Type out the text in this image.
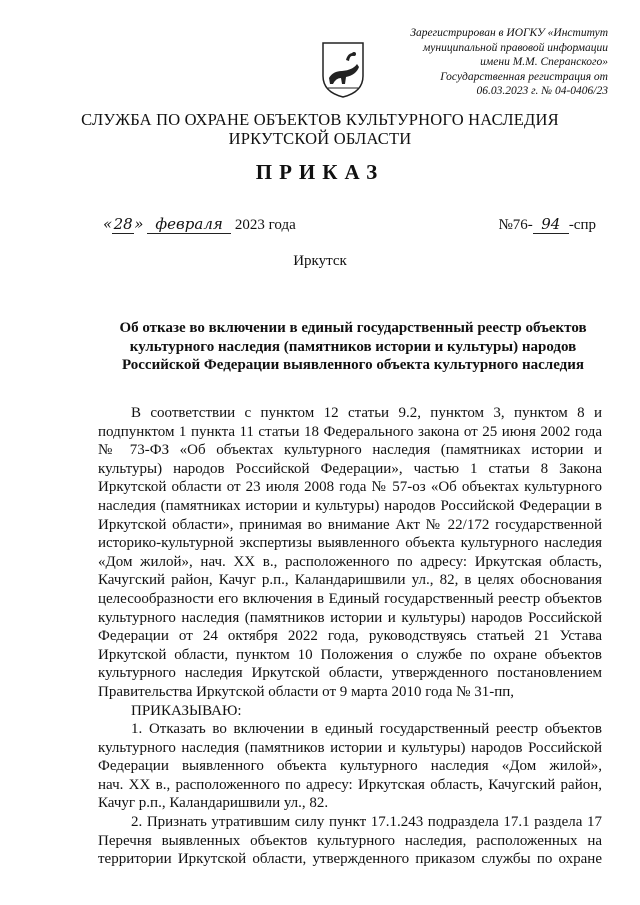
Зарегистрирован в ИОГКУ «Институт
муниципальной правовой информации
имени М.М. Сперанского»
Государственная регистрация от
06.03.2023 г. № 04-0406/23
СЛУЖБА ПО ОХРАНЕ ОБЪЕКТОВ КУЛЬТУРНОГО НАСЛЕДИЯ
ИРКУТСКОЙ ОБЛАСТИ
ПРИКАЗ
«28» февраля 2023 года	№76- 94 -спр
Иркутск
Об отказе во включении в единый государственный реестр объектов
культурного наследия (памятников истории и культуры) народов
Российской Федерации выявленного объекта культурного наследия
В соответствии с пунктом 12 статьи 9.2, пунктом 3, пунктом 8 и
подпунктом 1 пункта 11 статьи 18 Федерального закона от 25 июня 2002 года
№ 73-ФЗ «Об объектах культурного наследия (памятниках истории и
культуры) народов Российской Федерации», частью 1 статьи 8 Закона
Иркутской области от 23 июля 2008 года № 57-оз «Об объектах культурного
наследия (памятниках истории и культуры) народов Российской Федерации в
Иркутской области», принимая во внимание Акт № 22/172 государственной
историко-культурной экспертизы выявленного объекта культурного наследия
«Дом жилой», нач. XX в., расположенного по адресу: Иркутская область,
Качугский район, Качуг р.п., Каландаришвили ул., 82, в целях обоснования
целесообразности его включения в Единый государственный реестр объектов
культурного наследия (памятников истории и культуры) народов Российской
Федерации от 24 октября 2022 года, руководствуясь статьей 21 Устава
Иркутской области, пунктом 10 Положения о службе по охране объектов
культурного наследия Иркутской области, утвержденного постановлением
Правительства Иркутской области от 9 марта 2010 года № 31-пп,
ПРИКАЗЫВАЮ:
1. Отказать во включении в единый государственный реестр объектов
культурного наследия (памятников истории и культуры) народов Российской
Федерации выявленного объекта культурного наследия «Дом жилой»,
нач. XX в., расположенного по адресу: Иркутская область, Качугский район,
Качуг р.п., Каландаришвили ул., 82.
2. Признать утратившим силу пункт 17.1.243 подраздела 17.1 раздела 17
Перечня выявленных объектов культурного наследия, расположенных на
территории Иркутской области, утвержденного приказом службы по охране
